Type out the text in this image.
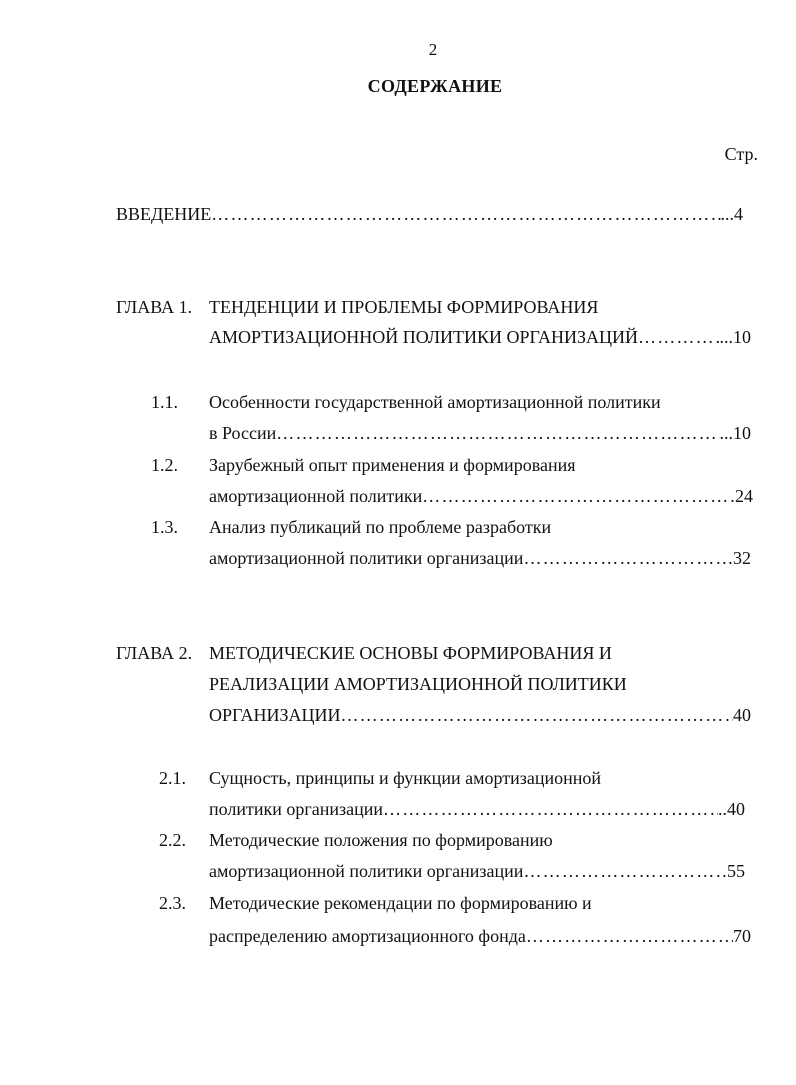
2
СОДЕРЖАНИЕ
Стр.
ВВЕДЕНИЕ ……………………………………………………………………………………………………………………………………………………………………………………………………	...4
ГЛАВА 1. ТЕНДЕНЦИИ И ПРОБЛЕМЫ ФОРМИРОВАНИЯ
АМОРТИЗАЦИОННОЙ ПОЛИТИКИ ОРГАНИЗАЦИЙ ……………………………………………………………………………………………………………………………………………………………………………………………………	...10
1.1. Особенности государственной амортизационной политики
в России ……………………………………………………………………………………………………………………………………………………………………………………………………	...10
1.2. Зарубежный опыт применения и формирования
амортизационной политики ……………………………………………………………………………………………………………………………………………………………………………………………………	24
1.3. Анализ публикаций по проблеме разработки
амортизационной политики организации ……………………………………………………………………………………………………………………………………………………………………………………………………	32
ГЛАВА 2. МЕТОДИЧЕСКИЕ ОСНОВЫ ФОРМИРОВАНИЯ И
РЕАЛИЗАЦИИ АМОРТИЗАЦИОННОЙ ПОЛИТИКИ
ОРГАНИЗАЦИИ ……………………………………………………………………………………………………………………………………………………………………………………………………	40
2.1. Сущность, принципы и функции амортизационной
политики организации ……………………………………………………………………………………………………………………………………………………………………………………………………	..40
2.2. Методические положения по формированию
амортизационной политики организации ……………………………………………………………………………………………………………………………………………………………………………………………………	55
2.3. Методические рекомендации по формированию и
распределению амортизационного фонда ……………………………………………………………………………………………………………………………………………………………………………………………………	70
